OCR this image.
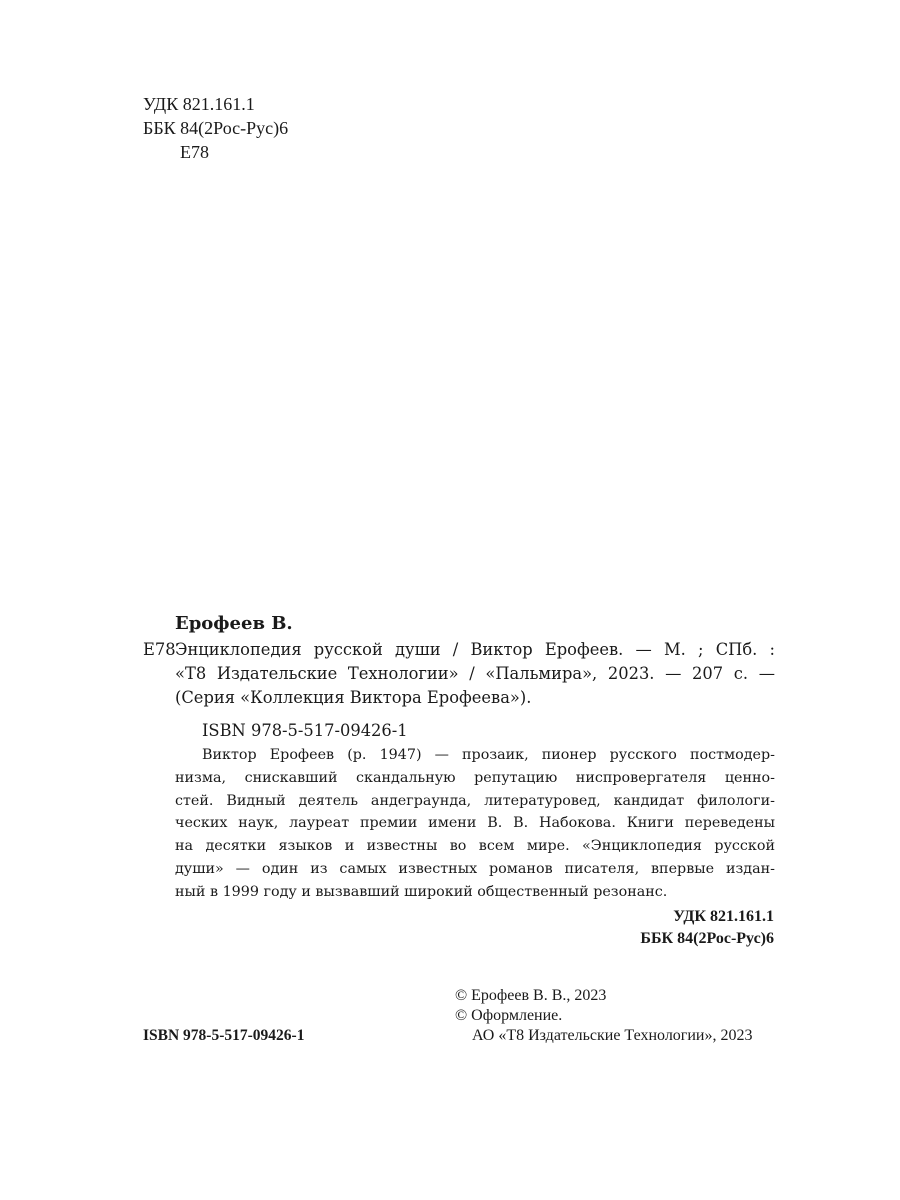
УДК 821.161.1
ББК 84(2Рос-Рус)6
Е78
Ерофеев В.
Е78 Энциклопедия русской души / Виктор Ерофеев. — М. ; СПб. :
«Т8 Издательские Технологии» / «Пальмира», 2023. — 207 с. —
(Серия «Коллекция Виктора Ерофеева»).
ISBN 978-5-517-09426-1
Виктор Ерофеев (р. 1947) — прозаик, пионер русского постмодер-
низма, снискавший скандальную репутацию ниспровергателя ценно-
стей. Видный деятель андеграунда, литературовед, кандидат филологи-
ческих наук, лауреат премии имени В. В. Набокова. Книги переведены
на десятки языков и известны во всем мире. «Энциклопедия русской
души» — один из самых известных романов писателя, впервые издан-
ный в 1999 году и вызвавший широкий общественный резонанс.
УДК 821.161.1
ББК 84(2Рос-Рус)6
© Ерофеев В. В., 2023
© Оформление.
АО «Т8 Издательские Технологии», 2023
ISBN 978-5-517-09426-1
